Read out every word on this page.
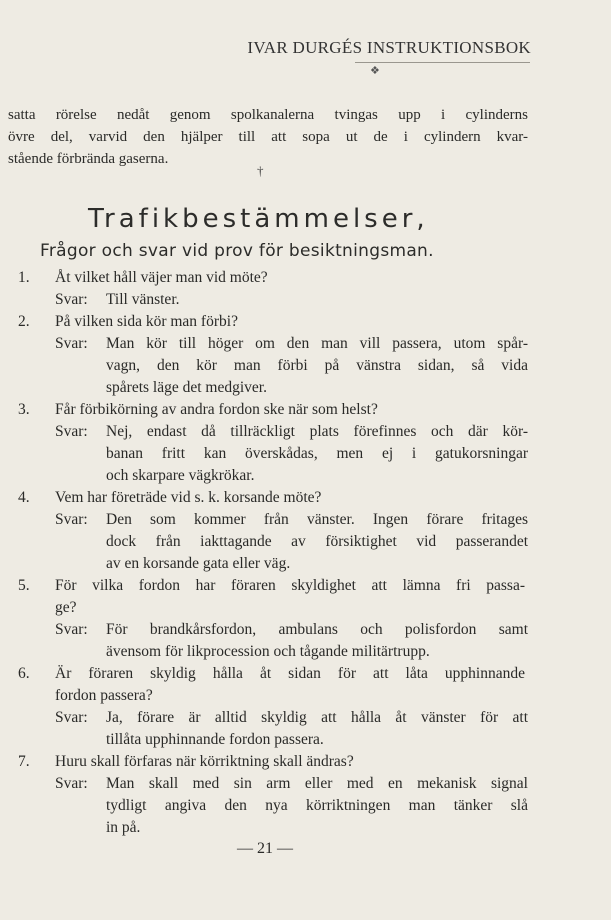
IVAR DURGÉS INSTRUKTIONSBOK
❖
satta rörelse nedåt genom spolkanalerna tvingas upp i cylinderns
övre del, varvid den hjälper till att sopa ut de i cylindern kvar-
stående förbrända gaserna.
†
Trafikbestämmelser,
Frågor och svar vid prov för besiktningsman.
1.	Åt vilket håll väjer man vid möte?
Svar: Till vänster.
2.	På vilken sida kör man förbi?
Svar: Man kör till höger om den man vill passera, utom spår-
vagn, den kör man förbi på vänstra sidan, så vida
spårets läge det medgiver.
3.	Får förbikörning av andra fordon ske när som helst?
Svar: Nej, endast då tillräckligt plats förefinnes och där kör-
banan fritt kan överskådas, men ej i gatukorsningar
och skarpare vägkrökar.
4.	Vem har företräde vid s. k. korsande möte?
Svar: Den som kommer från vänster. Ingen förare fritages
dock från iakttagande av försiktighet vid passerandet
av en korsande gata eller väg.
5.	För vilka fordon har föraren skyldighet att lämna fri passa-
ge?
Svar: För brandkårsfordon, ambulans och polisfordon samt
ävensom för likprocession och tågande militärtrupp.
6.	Är föraren skyldig hålla åt sidan för att låta upphinnande
fordon passera?
Svar: Ja, förare är alltid skyldig att hålla åt vänster för att
tillåta upphinnande fordon passera.
7.	Huru skall förfaras när körriktning skall ändras?
Svar: Man skall med sin arm eller med en mekanisk signal
tydligt angiva den nya körriktningen man tänker slå
in på.
— 21 —
